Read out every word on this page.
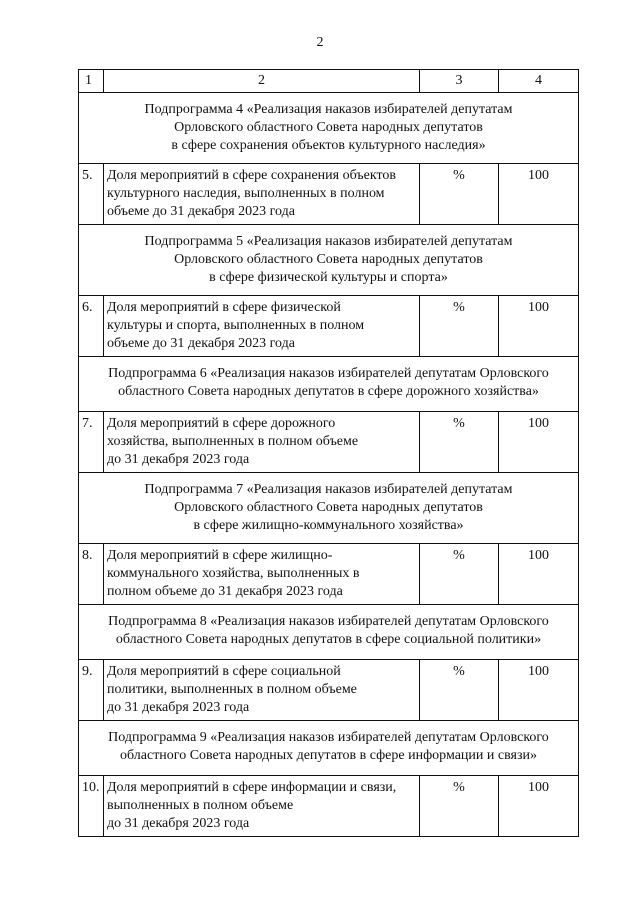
2
1	2	3	4

Подпрограмма 4 «Реализация наказов избирателей депутатам
Орловского областного Совета народных депутатов
в сфере сохранения объектов культурного наследия»			

5.	Доля мероприятий в сфере сохранения объектов
культурного наследия, выполненных в полном
объеме до 31 декабря 2023 года	%	100

Подпрограмма 5 «Реализация наказов избирателей депутатам
Орловского областного Совета народных депутатов
в сфере физической культуры и спорта»			

6.	Доля мероприятий в сфере физической
культуры и спорта, выполненных в полном
объеме до 31 декабря 2023 года	%	100

Подпрограмма 6 «Реализация наказов избирателей депутатам Орловского
областного Совета народных депутатов в сфере дорожного хозяйства»			

7.	Доля мероприятий в сфере дорожного
хозяйства, выполненных в полном объеме
до 31 декабря 2023 года	%	100

Подпрограмма 7 «Реализация наказов избирателей депутатам
Орловского областного Совета народных депутатов
в сфере жилищно-коммунального хозяйства»			

8.	Доля мероприятий в сфере жилищно-
коммунального хозяйства, выполненных в
полном объеме до 31 декабря 2023 года	%	100

Подпрограмма 8 «Реализация наказов избирателей депутатам Орловского
областного Совета народных депутатов в сфере социальной политики»			

9.	Доля мероприятий в сфере социальной
политики, выполненных в полном объеме
до 31 декабря 2023 года	%	100

Подпрограмма 9 «Реализация наказов избирателей депутатам Орловского
областного Совета народных депутатов в сфере информации и связи»			

10.	Доля мероприятий в сфере информации и связи,
выполненных в полном объеме
до 31 декабря 2023 года	%	100
